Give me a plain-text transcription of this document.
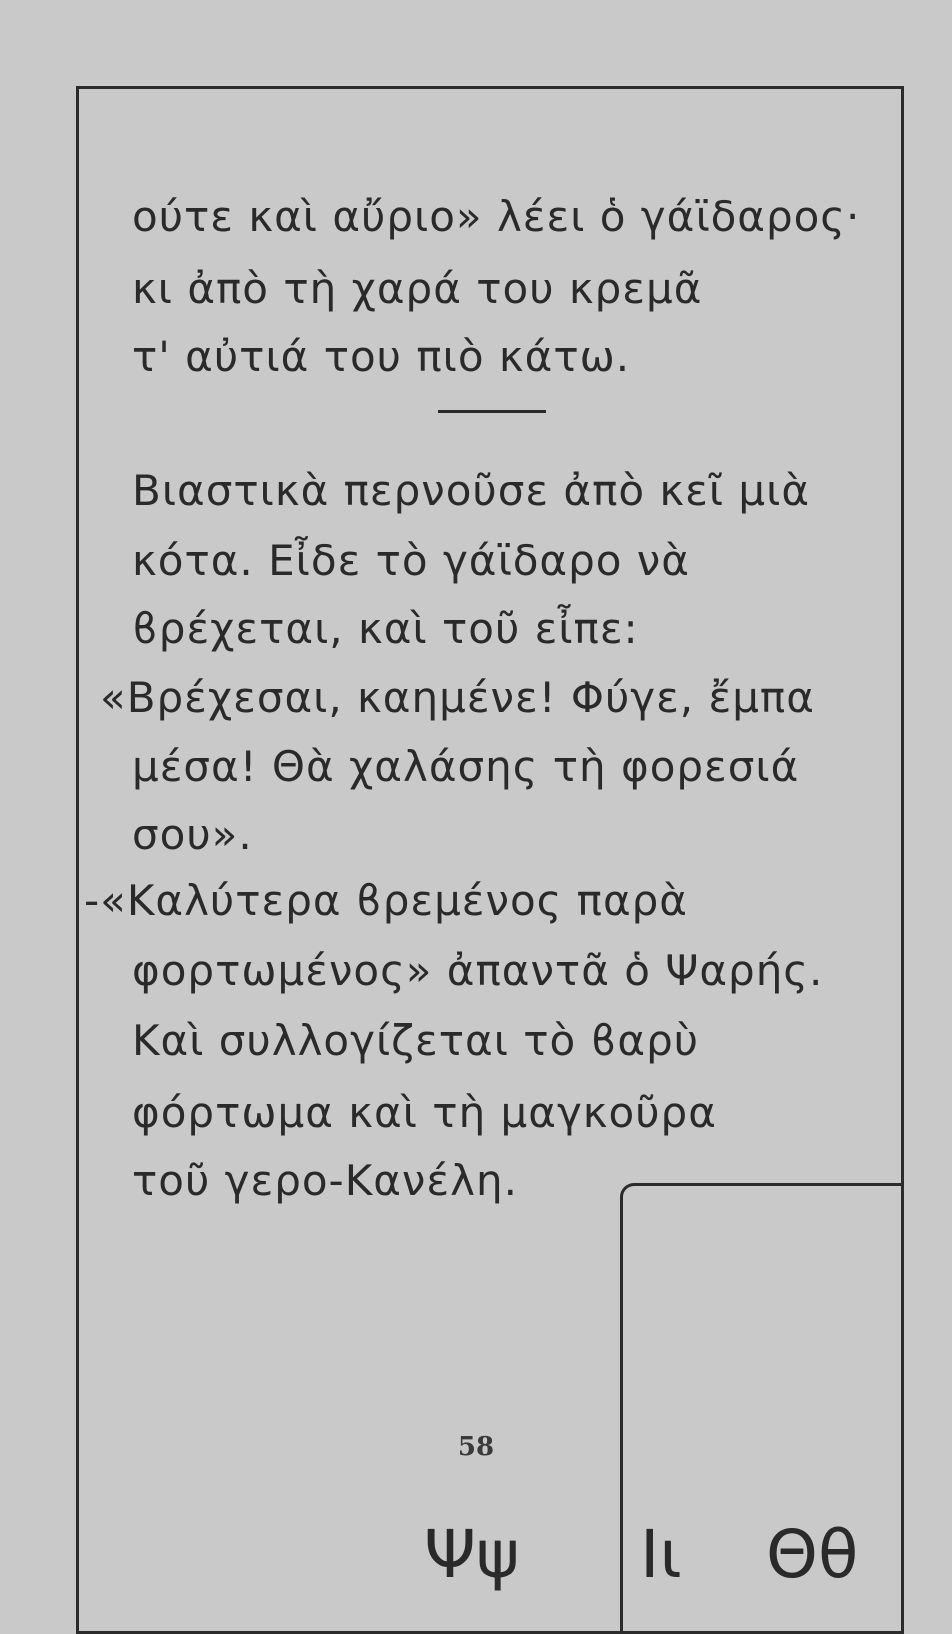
ούτε καὶ αὔριο» λέει ὁ γάϊδαρος·
κι ἀπὸ τὴ χαρά του κρεμᾶ
τ' αὐτιά του πιὸ κάτω.
Βιαστικὰ περνοῦσε ἀπὸ κεῖ μιὰ
κότα. Εἶδε τὸ γάϊδαρο νὰ
ϐρέχεται, καὶ τοῦ εἶπε:
«Βρέχεσαι, καημένε! Φύγε, ἔμπα
μέσα! Θὰ χαλάσης τὴ φορεσιά
σου».
-«Καλύτερα ϐρεμένος παρὰ
φορτωμένος» ἀπαντᾶ ὁ Ψαρής.
Καὶ συλλογίζεται τὸ ϐαρὺ
φόρτωμα καὶ τὴ μαγκοῦρα
τοῦ γερο-Κανέλη.
Ψψ Ιι Θθ
58
